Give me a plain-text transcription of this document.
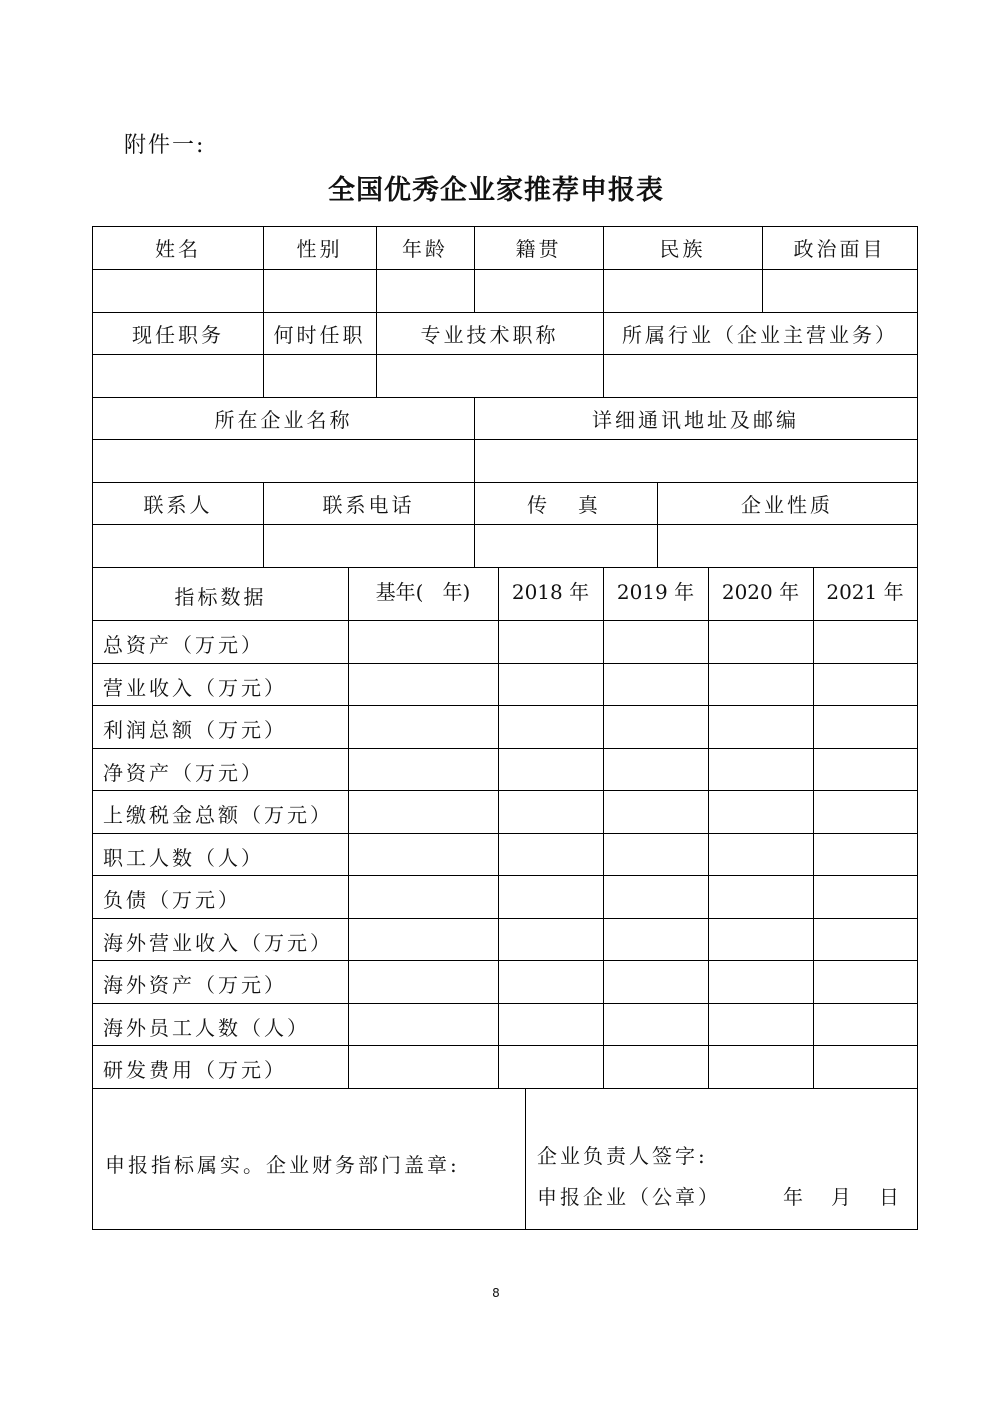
附件一:
全国优秀企业家推荐申报表
姓名	性别	年龄	籍贯	民族	政治面目
现任职务	何时任职	专业技术职称	所属行业（企业主营业务）
所在企业名称	详细通讯地址及邮编
联系人	联系电话	传  真	企业性质
指标数据	基年(   年)	2018 年	2019 年	2020 年	2021 年
总资产（万元）
营业收入（万元）
利润总额（万元）
净资产（万元）
上缴税金总额（万元）
职工人数（人）
负债（万元）
海外营业收入（万元）
海外资产（万元）
海外员工人数（人）
研发费用（万元）
申报指标属实。企业财务部门盖章:	企业负责人签字:
申报企业（公章）	年 月 日
8
